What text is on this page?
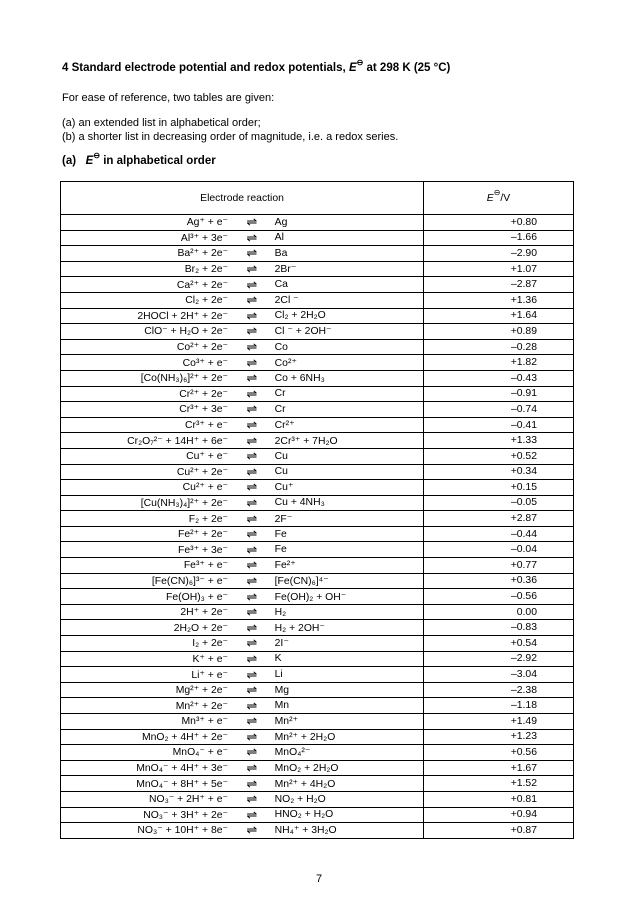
4 Standard electrode potential and redox potentials, E⊖ at 298 K (25 °C)
For ease of reference, two tables are given:
(a) an extended list in alphabetical order;
(b) a shorter list in decreasing order of magnitude, i.e. a redox series.
(a) E⊖ in alphabetical order
Electrode reaction			E⊖/V
Ag⁺ + e⁻	⇌	Ag	+0.80
Al³⁺ + 3e⁻	⇌	Al	–1.66
Ba²⁺ + 2e⁻	⇌	Ba	–2.90
Br₂ + 2e⁻	⇌	2Br⁻	+1.07
Ca²⁺ + 2e⁻	⇌	Ca	–2.87
Cl₂ + 2e⁻	⇌	2Cl ⁻	+1.36
2HOCl + 2H⁺ + 2e⁻	⇌	Cl₂ + 2H₂O	+1.64
ClO⁻ + H₂O + 2e⁻	⇌	Cl ⁻ + 2OH⁻	+0.89
Co²⁺ + 2e⁻	⇌	Co	–0.28
Co³⁺ + e⁻	⇌	Co²⁺	+1.82
[Co(NH₃)₆]²⁺ + 2e⁻	⇌	Co + 6NH₃	–0.43
Cr²⁺ + 2e⁻	⇌	Cr	–0.91
Cr³⁺ + 3e⁻	⇌	Cr	–0.74
Cr³⁺ + e⁻	⇌	Cr²⁺	–0.41
Cr₂O₇²⁻ + 14H⁺ + 6e⁻	⇌	2Cr³⁺ + 7H₂O	+1.33
Cu⁺ + e⁻	⇌	Cu	+0.52
Cu²⁺ + 2e⁻	⇌	Cu	+0.34
Cu²⁺ + e⁻	⇌	Cu⁺	+0.15
[Cu(NH₃)₄]²⁺ + 2e⁻	⇌	Cu + 4NH₃	–0.05
F₂ + 2e⁻	⇌	2F⁻	+2.87
Fe²⁺ + 2e⁻	⇌	Fe	–0.44
Fe³⁺ + 3e⁻	⇌	Fe	–0.04
Fe³⁺ + e⁻	⇌	Fe²⁺	+0.77
[Fe(CN)₆]³⁻ + e⁻	⇌	[Fe(CN)₆]⁴⁻	+0.36
Fe(OH)₃ + e⁻	⇌	Fe(OH)₂ + OH⁻	–0.56
2H⁺ + 2e⁻	⇌	H₂	0.00
2H₂O + 2e⁻	⇌	H₂ + 2OH⁻	–0.83
I₂ + 2e⁻	⇌	2I⁻	+0.54
K⁺ + e⁻	⇌	K	–2.92
Li⁺ + e⁻	⇌	Li	–3.04
Mg²⁺ + 2e⁻	⇌	Mg	–2.38
Mn²⁺ + 2e⁻	⇌	Mn	–1.18
Mn³⁺ + e⁻	⇌	Mn²⁺	+1.49
MnO₂ + 4H⁺ + 2e⁻	⇌	Mn²⁺ + 2H₂O	+1.23
MnO₄⁻ + e⁻	⇌	MnO₄²⁻	+0.56
MnO₄⁻ + 4H⁺ + 3e⁻	⇌	MnO₂ + 2H₂O	+1.67
MnO₄⁻ + 8H⁺ + 5e⁻	⇌	Mn²⁺ + 4H₂O	+1.52
NO₃⁻ + 2H⁺ + e⁻	⇌	NO₂ + H₂O	+0.81
NO₃⁻ + 3H⁺ + 2e⁻	⇌	HNO₂ + H₂O	+0.94
NO₃⁻ + 10H⁺ + 8e⁻	⇌	NH₄⁺ + 3H₂O	+0.87
7
